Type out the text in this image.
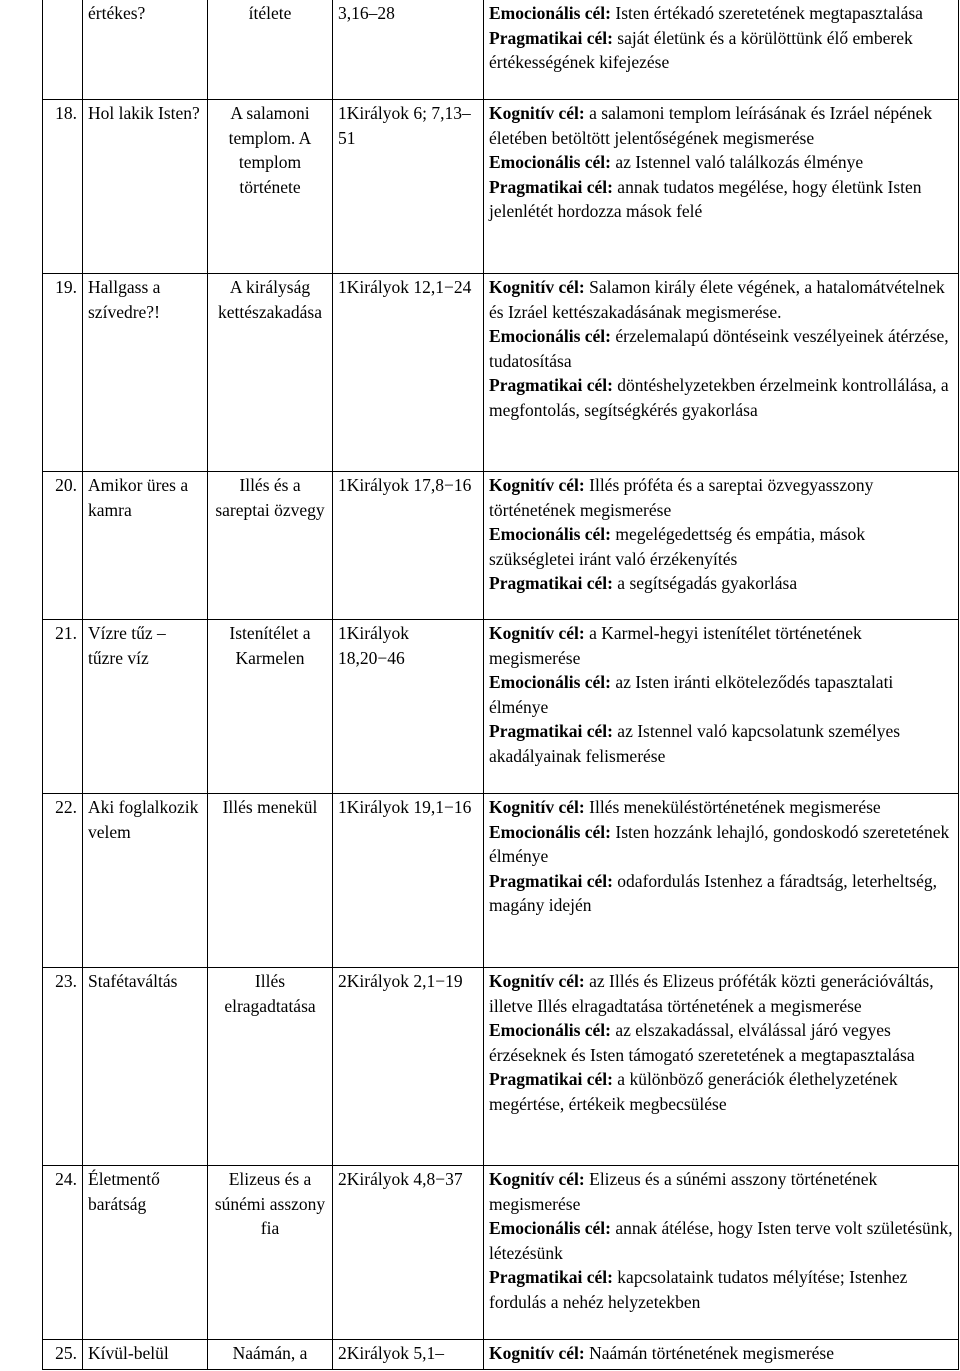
	értékes?	ítélete	3,16‒28	Emocionális cél: Isten értékadó szeretetének megtapasztalása
Pragmatikai cél: saját életünk és a körülöttünk élő emberek értékességének kifejezése

18.	Hol lakik Isten?	A salamoni templom. A templom története	1Királyok 6; 7,13‒51	Kognitív cél: a salamoni templom leírásának és Izráel népének életében betöltött jelentőségének megismerése
Emocionális cél: az Istennel való találkozás élménye
Pragmatikai cél: annak tudatos megélése, hogy életünk Isten jelenlétét hordozza mások felé

19.	Hallgass a szívedre?!	A királyság kettészakadása	1Királyok 12,1−24	Kognitív cél: Salamon király élete végének, a hatalomátvételnek és Izráel kettészakadásának megismerése.
Emocionális cél: érzelemalapú döntéseink veszélyeinek átérzése, tudatosítása
Pragmatikai cél: döntéshelyzetekben érzelmeink kontrollálása, a megfontolás, segítségkérés gyakorlása

20.	Amikor üres a kamra	Illés és a sareptai özvegy	1Királyok 17,8−16	Kognitív cél: Illés próféta és a sareptai özvegyasszony történetének megismerése
Emocionális cél: megelégedettség és empátia, mások szükségletei iránt való érzékenyítés
Pragmatikai cél: a segítségadás gyakorlása

21.	Vízre tűz – tűzre víz	Istenítélet a Karmelen	1Királyok 18,20−46	Kognitív cél: a Karmel-hegyi istenítélet történetének megismerése
Emocionális cél: az Isten iránti elköteleződés tapasztalati élménye
Pragmatikai cél: az Istennel való kapcsolatunk személyes akadályainak felismerése

22.	Aki foglalkozik velem	Illés menekül	1Királyok 19,1−16	Kognitív cél: Illés meneküléstörténetének megismerése
Emocionális cél: Isten hozzánk lehajló, gondoskodó szeretetének élménye
Pragmatikai cél: odafordulás Istenhez a fáradtság, leterheltség, magány idején

23.	Stafétaváltás	Illés elragadtatása	2Királyok 2,1−19	Kognitív cél: az Illés és Elizeus próféták közti generációváltás, illetve Illés elragadtatása történetének a megismerése
Emocionális cél: az elszakadással, elválással járó vegyes érzéseknek és Isten támogató szeretetének a megtapasztalása
Pragmatikai cél: a különböző generációk élethelyzetének megértése, értékeik megbecsülése

24.	Életmentő barátság	Elizeus és a súnémi asszony fia	2Királyok 4,8−37	Kognitív cél: Elizeus és a súnémi asszony történetének megismerése
Emocionális cél: annak átélése, hogy Isten terve volt születésünk, létezésünk
Pragmatikai cél: kapcsolataink tudatos mélyítése; Istenhez fordulás a nehéz helyzetekben

25.	Kívül-belül	Naámán, a	2Királyok 5,1–	Kognitív cél: Naámán történetének megismerése
